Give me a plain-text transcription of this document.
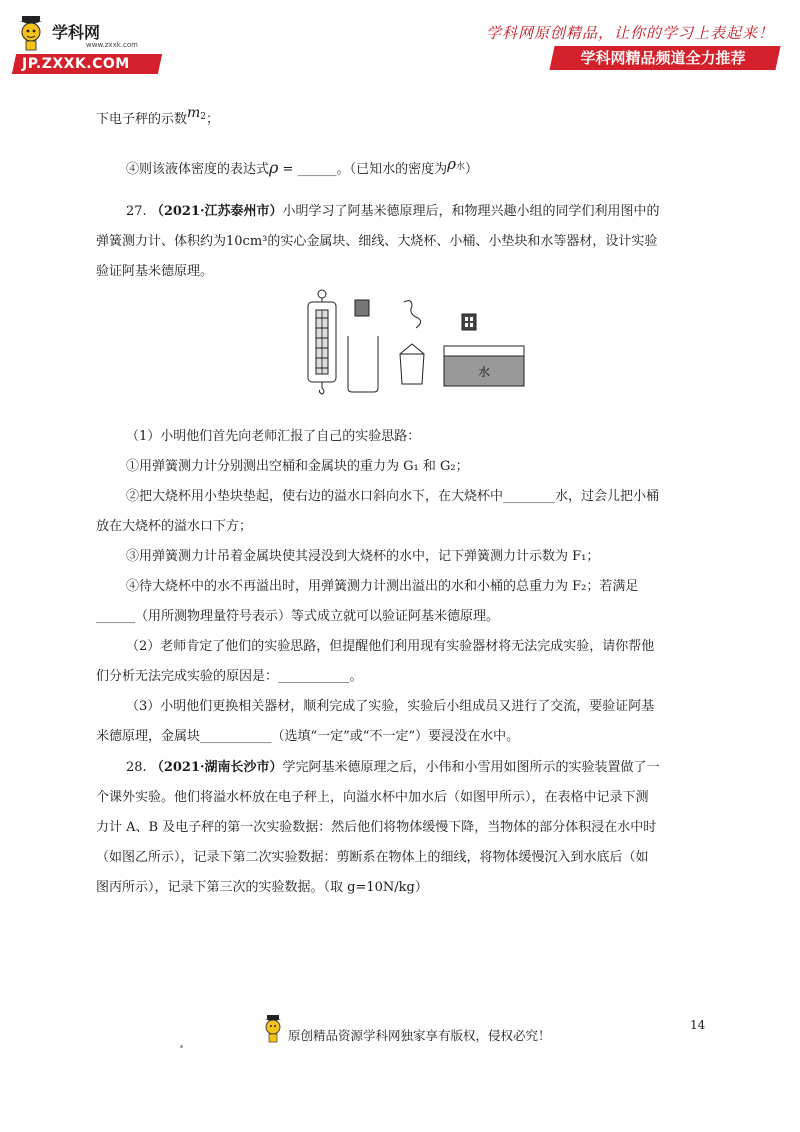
学科网
www.zxxk.com
JP.ZXXK.COM
学科网原创精品，让你的学习上表起来！
学科网精品频道全力推荐
下电子秤的示数$m^2$；
④则该液体密度的表达式ρ = ______。（已知水的密度为$\rho^水$）
27. （2021·江苏泰州市）小明学习了阿基米德原理后，和物理兴趣小组的同学们利用图中的
弹簧测力计、体积约为10cm³的实心金属块、细线、大烧杯、小桶、小垫块和水等器材，设计实验
验证阿基米德原理。
（1）小明他们首先向老师汇报了自己的实验思路：
①用弹簧测力计分别测出空桶和金属块的重力为 G₁ 和 G₂；
②把大烧杯用小垫块垫起，使右边的溢水口斜向水下，在大烧杯中________水，过会儿把小桶
放在大烧杯的溢水口下方；
③用弹簧测力计吊着金属块使其浸没到大烧杯的水中，记下弹簧测力计示数为 F₁；
④待大烧杯中的水不再溢出时，用弹簧测力计测出溢出的水和小桶的总重力为 F₂；若满足
______（用所测物理量符号表示）等式成立就可以验证阿基米德原理。
（2）老师肯定了他们的实验思路，但提醒他们利用现有实验器材将无法完成实验，请你帮他
们分析无法完成实验的原因是：___________。
（3）小明他们更换相关器材，顺利完成了实验，实验后小组成员又进行了交流，要验证阿基
米德原理，金属块___________（选填“一定”或“不一定”）要浸没在水中。
28. （2021·湖南长沙市）学完阿基米德原理之后，小伟和小雪用如图所示的实验装置做了一
个课外实验。他们将溢水杯放在电子秤上，向溢水杯中加水后（如图甲所示），在表格中记录下测
力计 A、B 及电子秤的第一次实验数据：然后他们将物体缓慢下降，当物体的部分体积浸在水中时
（如图乙所示），记录下第二次实验数据：剪断系在物体上的细线，将物体缓慢沉入到水底后（如
图丙所示），记录下第三次的实验数据。（取 g=10N/kg）
水
14
原创精品资源学科网独家享有版权，侵权必究！
